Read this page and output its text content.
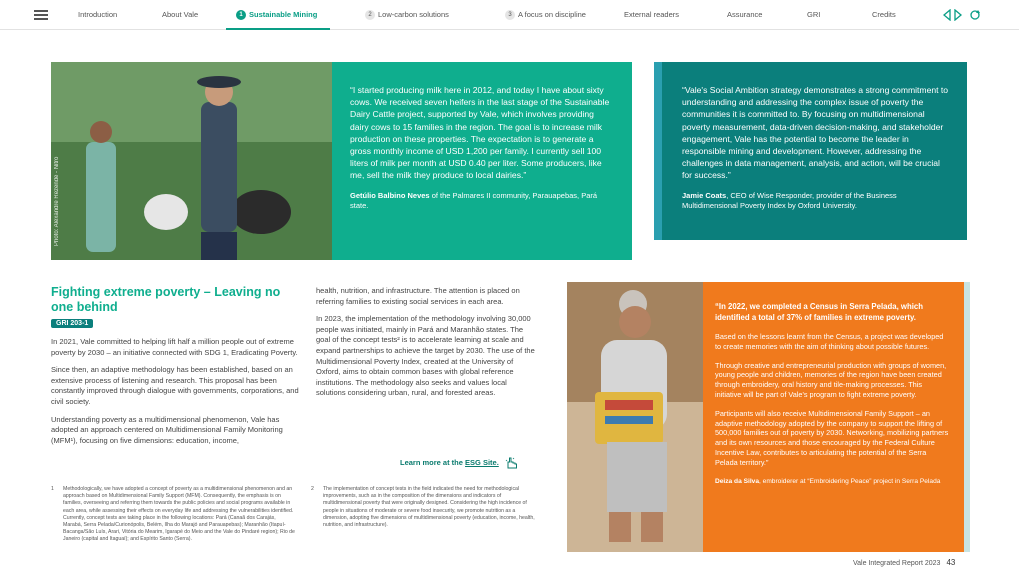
Introduction	About Vale	1 Sustainable Mining	2 Low-carbon solutions	3 A focus on discipline	External readers	Assurance	GRI	Credits
Photo: Alexandre Rezende - Nitro
“I started producing milk here in 2012, and today I have about sixty cows. We received seven heifers in the last stage of the Sustainable Dairy Cattle project, supported by Vale, which involves providing dairy cows to 15 families in the region. The goal is to increase milk production on these properties. The expectation is to generate a gross monthly income of USD 1,200 per family. I currently sell 100 liters of milk per month at USD 0.40 per liter. Some producers, like me, sell the milk they produce to local dairies.”
Getúlio Balbino Neves of the Palmares II community, Parauapebas, Pará state.
“Vale's Social Ambition strategy demonstrates a strong commitment to understanding and addressing the complex issue of poverty the communities it is committed to. By focusing on multidimensional poverty measurement, data-driven decision-making, and stakeholder engagement, Vale has the potential to become the leader in responsible mining and development. However, addressing the challenges in data management, analysis, and action, will be crucial for success.”
Jamie Coats, CEO of Wise Responder, provider of the Business Multidimensional Poverty Index by Oxford University.
Fighting extreme poverty – Leaving no one behind
GRI 203-1

In 2021, Vale committed to helping lift half a million people out of extreme poverty by 2030 – an initiative connected with SDG 1, Eradicating Poverty.

Since then, an adaptive methodology has been established, based on an extensive process of listening and research. This proposal has been constantly improved through dialogue with governments, corporations, and civil society.

Understanding poverty as a multidimensional phenomenon, Vale has adopted an approach centered on Multidimensional Family Monitoring (MFM¹), focusing on five dimensions: education, income,

health, nutrition, and infrastructure. The attention is placed on referring families to existing social services in each area.

In 2023, the implementation of the methodology involving 30,000 people was initiated, mainly in Pará and Maranhão states. The goal of the concept tests² is to accelerate learning at scale and expand partnerships to achieve the target by 2030. The use of the Multidimensional Poverty Index, created at the University of Oxford, aims to obtain common bases with global reference institutions. The methodology also seeks and values local solutions considering urban, rural, and forested areas.

Learn more at the ESG Site.
1 Methodologically, we have adopted a concept of poverty as a multidimensional phenomenon and an approach based on Multidimensional Family Support (MFM). Consequently, the emphasis is on families, overseeing and referring them towards the public policies and social programs available in each area, while assessing their effects on everyday life and addressing the vulnerabilities identified. Currently, concept tests are taking place in the following locations: Pará (Canaã dos Carajás, Marabá, Serra Pelada/Curionópolis, Belém, Ilha do Marajó and Parauapebas); Maranhão (Itapuí-Bacanga/São Luís, Arari, Vitória do Mearim, Igarapé do Meio and the Vale do Pindaré region); Rio de Janeiro (capital and Itaguaí); and Espírito Santo (Serra).
2 The implementation of concept tests in the field indicated the need for methodological improvements, such as in the composition of the dimensions and indicators of multidimensional poverty that were originally designed. Considering the high incidence of people in situations of moderate or severe food insecurity, we promote nutrition as a dimension, adopting five dimensions of multidimensional poverty (education, income, health, nutrition, and infrastructure).
“In 2022, we completed a Census in Serra Pelada, which identified a total of 37% of families in extreme poverty.

Based on the lessons learnt from the Census, a project was developed to create memories with the aim of thinking about possible futures.

Through creative and entrepreneurial production with groups of women, young people and children, memories of the region have been created through embroidery, oral history and tile-making processes. This initiative will be part of Vale's program to fight extreme poverty.

Participants will also receive Multidimensional Family Support – an adaptive methodology adopted by the company to support the lifting of 500,000 families out of poverty by 2030. Networking, mobilizing partners and its own resources and those encouraged by the Federal Culture Incentive Law, contributes to articulating the potential of the Serra Pelada territory.”

Deiza da Silva, embroiderer at “Embroidering Peace” project in Serra Pelada
Vale Integrated Report 2023 43
